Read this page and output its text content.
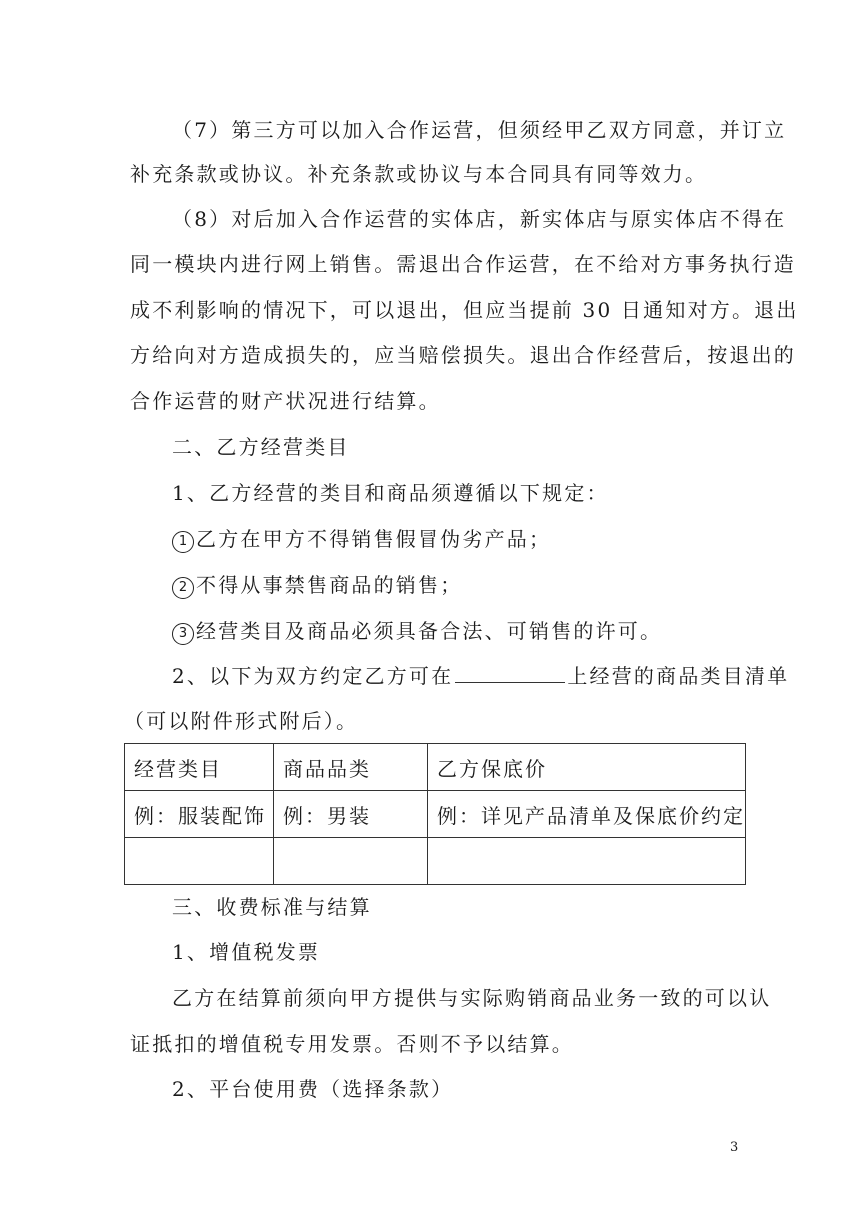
（7）第三方可以加入合作运营，但须经甲乙双方同意，并订立
补充条款或协议。补充条款或协议与本合同具有同等效力。
（8）对后加入合作运营的实体店，新实体店与原实体店不得在
同一模块内进行网上销售。需退出合作运营，在不给对方事务执行造
成不利影响的情况下，可以退出，但应当提前 30 日通知对方。退出
方给向对方造成损失的，应当赔偿损失。退出合作经营后，按退出的
合作运营的财产状况进行结算。
二、乙方经营类目
1、乙方经营的类目和商品须遵循以下规定：
1 乙方在甲方不得销售假冒伪劣产品；
2 不得从事禁售商品的销售；
3 经营类目及商品必须具备合法、可销售的许可。
2、以下为双方约定乙方可在	上经营的商品类目清单
（可以附件形式附后）。
经营类目	商品品类	乙方保底价
例：服装配饰	例：男装	例：详见产品清单及保底价约定

三、收费标准与结算
1、增值税发票
乙方在结算前须向甲方提供与实际购销商品业务一致的可以认
证抵扣的增值税专用发票。否则不予以结算。
2、平台使用费（选择条款）
3
